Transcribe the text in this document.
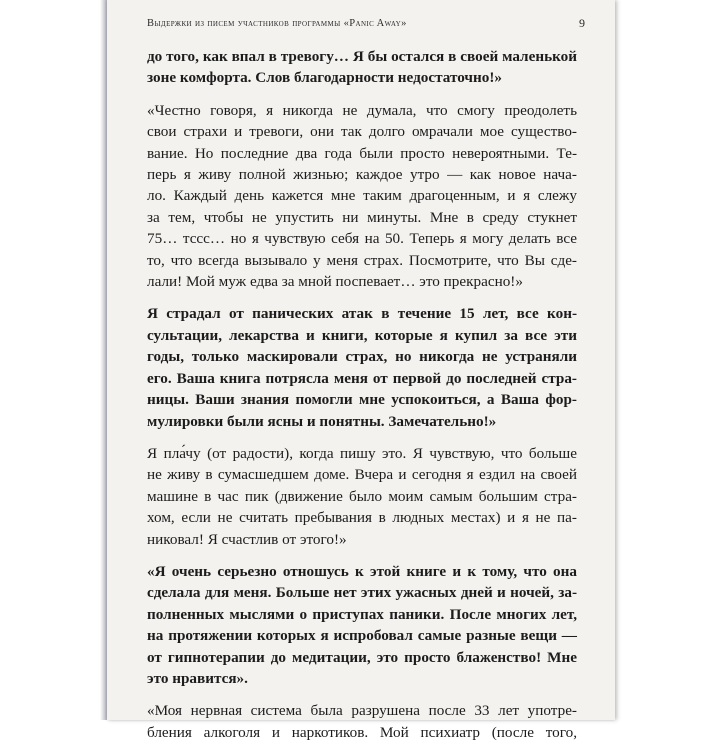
Выдержки из писем участников программы «Panic Away»	9
до того, как впал в тревогу… Я бы остался в своей маленькой
зоне комфорта. Слов благодарности недостаточно!»
«Честно говоря, я никогда не думала, что смогу преодолеть
свои страхи и тревоги, они так долго омрачали мое существо-
вание. Но последние два года были просто невероятными. Те-
перь я живу полной жизнью; каждое утро — как новое нача-
ло. Каждый день кажется мне таким драгоценным, и я слежу
за тем, чтобы не упустить ни минуты. Мне в среду стукнет
75… тссс… но я чувствую себя на 50. Теперь я могу делать все
то, что всегда вызывало у меня страх. Посмотрите, что Вы сде-
лали! Мой муж едва за мной поспевает… это прекрасно!»
Я страдал от панических атак в течение 15 лет, все кон-
сультации, лекарства и книги, которые я купил за все эти
годы, только маскировали страх, но никогда не устраняли
его. Ваша книга потрясла меня от первой до последней стра-
ницы. Ваши знания помогли мне успокоиться, а Ваша фор-
мулировки были ясны и понятны. Замечательно!»
Я пла́чу (от радости), когда пишу это. Я чувствую, что больше
не живу в сумасшедшем доме. Вчера и сегодня я ездил на своей
машине в час пик (движение было моим самым большим стра-
хом, если не считать пребывания в людных местах) и я не па-
никовал! Я счастлив от этого!»
«Я очень серьезно отношусь к этой книге и к тому, что она
сделала для меня. Больше нет этих ужасных дней и ночей, за-
полненных мыслями о приступах паники. После многих лет,
на протяжении которых я испробовал самые разные вещи —
от гипнотерапии до медитации, это просто блаженство! Мне
это нравится».
«Моя нервная система была разрушена после 33 лет употре-
бления алкоголя и наркотиков. Мой психиатр (после того,
